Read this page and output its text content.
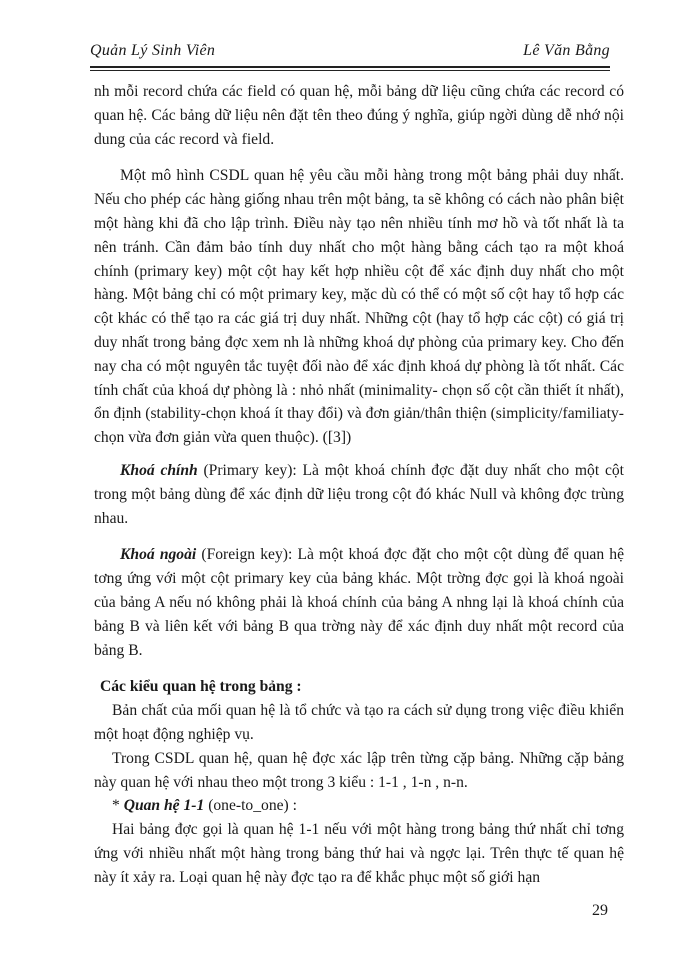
Quản Lý Sinh Viên	Lê Văn Bằng

nh mỗi record chứa các field có quan hệ, mỗi bảng dữ liệu cũng chứa các record có quan hệ. Các bảng dữ liệu nên đặt tên theo đúng ý nghĩa, giúp ngời dùng dễ nhớ nội dung của các record và field.

Một mô hình CSDL quan hệ yêu cầu mỗi hàng trong một bảng phải duy nhất. Nếu cho phép các hàng giống nhau trên một bảng, ta sẽ không có cách nào phân biệt một hàng khi đã cho lập trình. Điều này tạo nên nhiều tính mơ hồ và tốt nhất là ta nên tránh. Cần đảm bảo tính duy nhất cho một hàng bằng cách tạo ra một khoá chính (primary key) một cột hay kết hợp nhiều cột để xác định duy nhất cho một hàng. Một bảng chỉ có một primary key, mặc dù có thể có một số cột hay tổ hợp các cột khác có thể tạo ra các giá trị duy nhất. Những cột (hay tổ hợp các cột) có giá trị duy nhất trong bảng đợc xem nh là những khoá dự phòng của primary key. Cho đến nay cha có một nguyên tắc tuyệt đối nào để xác định khoá dự phòng là tốt nhất. Các tính chất của khoá dự phòng là : nhỏ nhất (minimality- chọn số cột cần thiết ít nhất), ổn định (stability-chọn khoá ít thay đổi) và đơn giản/thân thiện (simplicity/familiaty- chọn vừa đơn giản vừa quen thuộc). ([3])

Khoá chính (Primary key): Là một khoá chính đợc đặt duy nhất cho một cột trong một bảng dùng để xác định dữ liệu trong cột đó khác Null và không đợc trùng nhau.

Khoá ngoài (Foreign key): Là một khoá đợc đặt cho một cột dùng để quan hệ tơng ứng với một cột primary key của bảng khác. Một trờng đợc gọi là khoá ngoài của bảng A nếu nó không phải là khoá chính của bảng A nhng lại là khoá chính của bảng B và liên kết với bảng B qua trờng này để xác định duy nhất một record của bảng B.

Các kiểu quan hệ trong bảng :

Bản chất của mối quan hệ là tổ chức và tạo ra cách sử dụng trong việc điều khiển một hoạt động nghiệp vụ.

Trong CSDL quan hệ, quan hệ đợc xác lập trên từng cặp bảng. Những cặp bảng này quan hệ với nhau theo một trong 3 kiểu : 1-1 , 1-n , n-n.

* Quan hệ 1-1 (one-to_one) :

Hai bảng đợc gọi là quan hệ 1-1 nếu với một hàng trong bảng thứ nhất chỉ tơng ứng với nhiều nhất một hàng trong bảng thứ hai và ngợc lại. Trên thực tế quan hệ này ít xảy ra. Loại quan hệ này đợc tạo ra để khắc phục một số giới hạn

29
